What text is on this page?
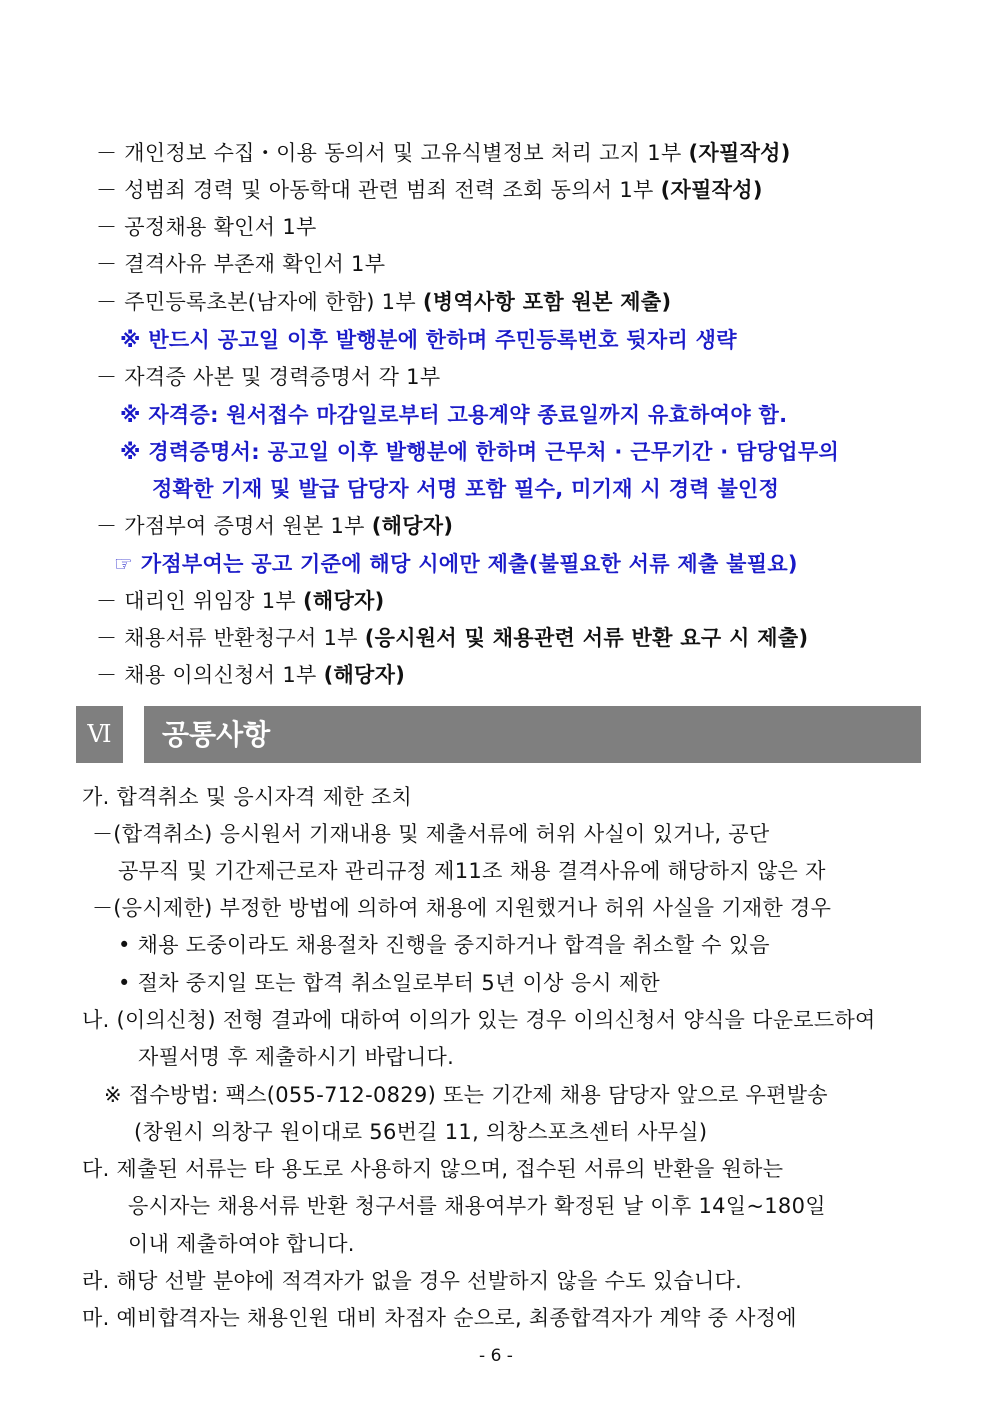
－ 개인정보 수집・이용 동의서 및 고유식별정보 처리 고지 1부 (자필작성)
－ 성범죄 경력 및 아동학대 관련 범죄 전력 조회 동의서 1부 (자필작성)
－ 공정채용 확인서 1부
－ 결격사유 부존재 확인서 1부
－ 주민등록초본(남자에 한함) 1부 (병역사항 포함 원본 제출)
※ 반드시 공고일 이후 발행분에 한하며 주민등록번호 뒷자리 생략
－ 자격증 사본 및 경력증명서 각 1부
※ 자격증: 원서접수 마감일로부터 고용계약 종료일까지 유효하여야 함.
※ 경력증명서: 공고일 이후 발행분에 한하며 근무처 · 근무기간 · 담당업무의
정확한 기재 및 발급 담당자 서명 포함 필수, 미기재 시 경력 불인정
－ 가점부여 증명서 원본 1부 (해당자)
☞ 가점부여는 공고 기준에 해당 시에만 제출(불필요한 서류 제출 불필요)
－ 대리인 위임장 1부 (해당자)
－ 채용서류 반환청구서 1부 (응시원서 및 채용관련 서류 반환 요구 시 제출)
－ 채용 이의신청서 1부 (해당자)
Ⅵ	공통사항
가. 합격취소 및 응시자격 제한 조치
－(합격취소) 응시원서 기재내용 및 제출서류에 허위 사실이 있거나, 공단
공무직 및 기간제근로자 관리규정 제11조 채용 결격사유에 해당하지 않은 자
－(응시제한) 부정한 방법에 의하여 채용에 지원했거나 허위 사실을 기재한 경우
• 채용 도중이라도 채용절차 진행을 중지하거나 합격을 취소할 수 있음
• 절차 중지일 또는 합격 취소일로부터 5년 이상 응시 제한
나. (이의신청) 전형 결과에 대하여 이의가 있는 경우 이의신청서 양식을 다운로드하여
자필서명 후 제출하시기 바랍니다.
※ 접수방법: 팩스(055-712-0829) 또는 기간제 채용 담당자 앞으로 우편발송
(창원시 의창구 원이대로 56번길 11, 의창스포츠센터 사무실)
다. 제출된 서류는 타 용도로 사용하지 않으며, 접수된 서류의 반환을 원하는
응시자는 채용서류 반환 청구서를 채용여부가 확정된 날 이후 14일~180일
이내 제출하여야 합니다.
라. 해당 선발 분야에 적격자가 없을 경우 선발하지 않을 수도 있습니다.
마. 예비합격자는 채용인원 대비 차점자 순으로, 최종합격자가 계약 중 사정에
- 6 -
